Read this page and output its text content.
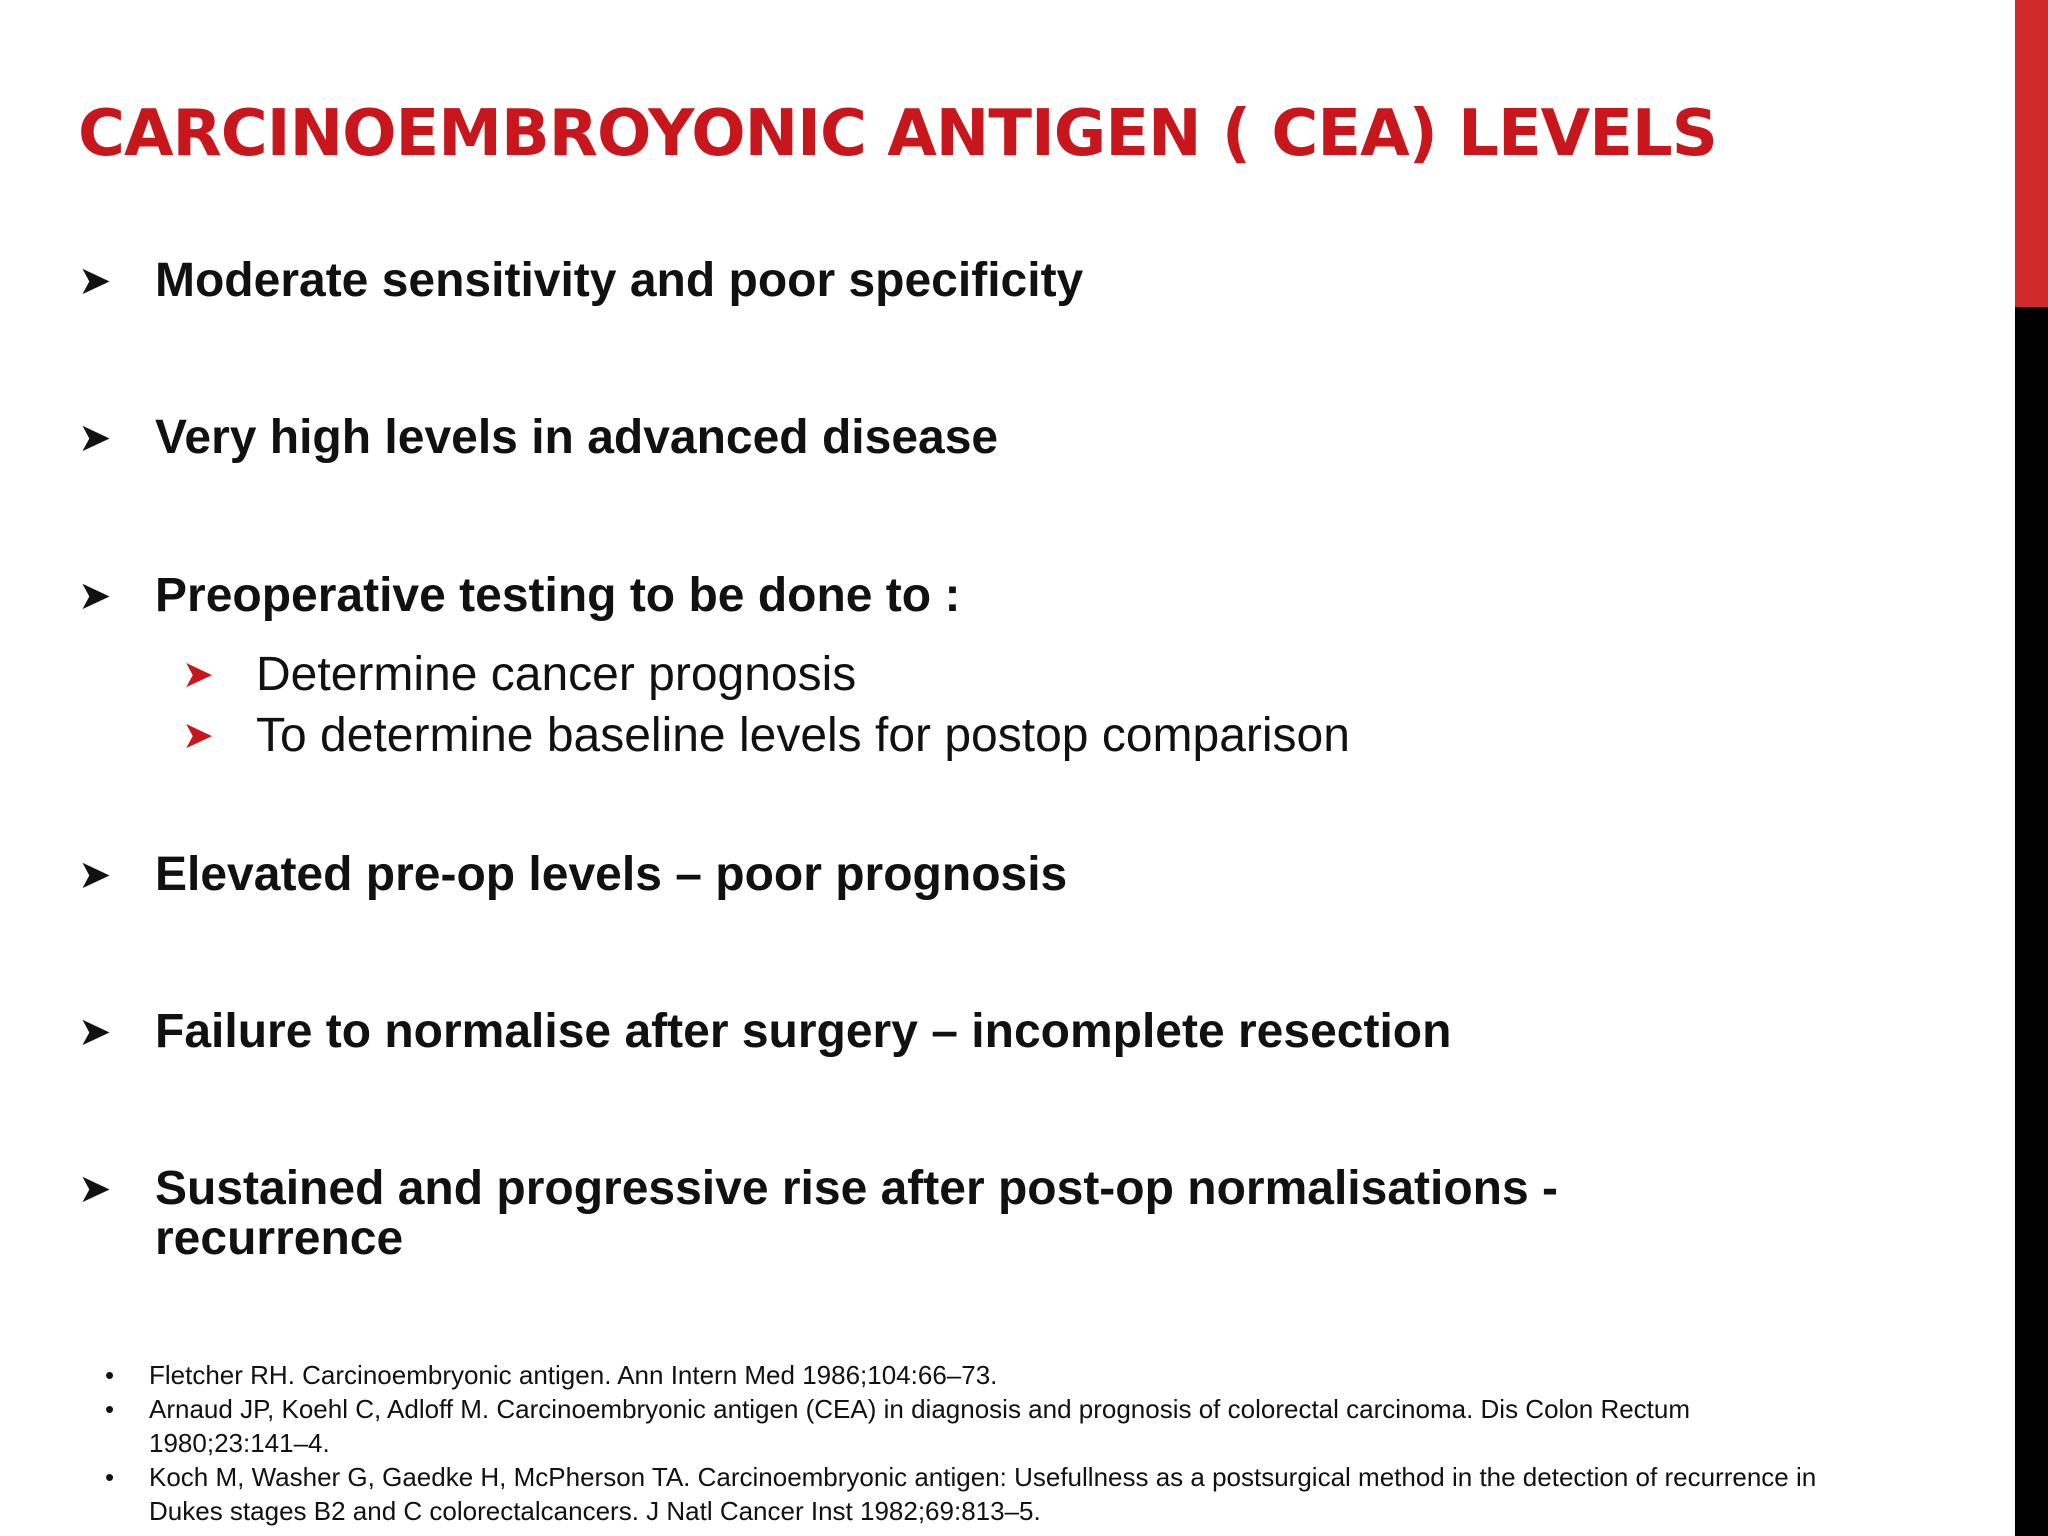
CARCINOEMBROYONIC ANTIGEN ( CEA) LEVELS
➤ Moderate sensitivity and poor specificity
➤ Very high levels in advanced disease
➤ Preoperative testing to be done to :
➤ Determine cancer prognosis
➤ To determine baseline levels for postop comparison
➤ Elevated pre-op levels – poor prognosis
➤ Failure to normalise after surgery – incomplete resection
➤ Sustained and progressive rise after post-op normalisations -
recurrence
• Fletcher RH. Carcinoembryonic antigen. Ann Intern Med 1986;104:66–73.
• Arnaud JP, Koehl C, Adloff M. Carcinoembryonic antigen (CEA) in diagnosis and prognosis of colorectal carcinoma. Dis Colon Rectum 1980;23:141–4.
• Koch M, Washer G, Gaedke H, McPherson TA. Carcinoembryonic antigen: Usefullness as a postsurgical method in the detection of recurrence in Dukes stages B2 and C colorectalcancers. J Natl Cancer Inst 1982;69:813–5.
